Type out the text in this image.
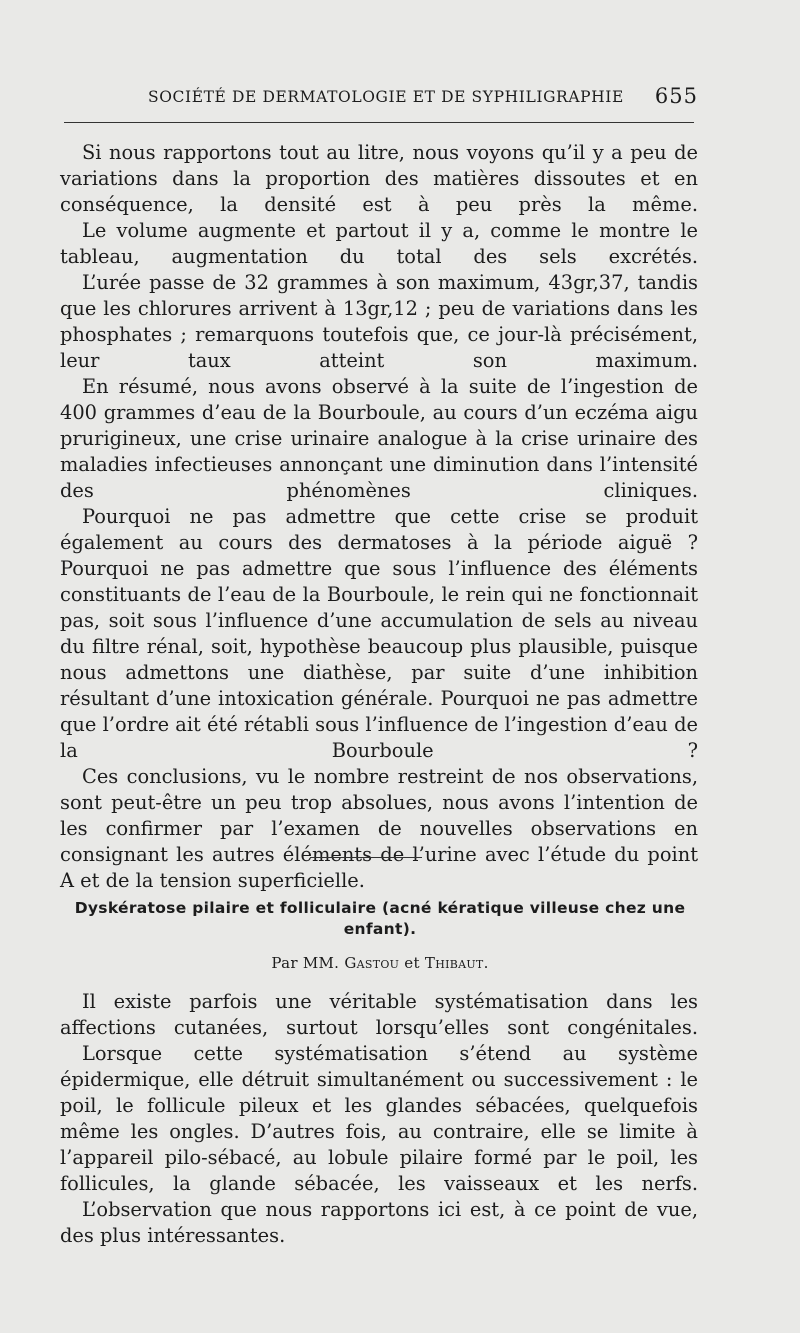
SOCIÉTÉ DE DERMATOLOGIE ET DE SYPHILIGRAPHIE 655

Si nous rapportons tout au litre, nous voyons qu’il y a peu de variations dans la proportion des matières dissoutes et en conséquence, la densité est à peu près la même.

Le volume augmente et partout il y a, comme le montre le tableau, augmentation du total des sels excrétés.

L’urée passe de 32 grammes à son maximum, 43gr,37, tandis que les chlorures arrivent à 13gr,12 ; peu de variations dans les phosphates ; remarquons toutefois que, ce jour-là précisément, leur taux atteint son maximum.

En résumé, nous avons observé à la suite de l’ingestion de 400 grammes d’eau de la Bourboule, au cours d’un eczéma aigu prurigineux, une crise urinaire analogue à la crise urinaire des maladies infectieuses annonçant une diminution dans l’intensité des phénomènes cliniques.

Pourquoi ne pas admettre que cette crise se produit également au cours des dermatoses à la période aiguë ? Pourquoi ne pas admettre que sous l’influence des éléments constituants de l’eau de la Bourboule, le rein qui ne fonctionnait pas, soit sous l’influence d’une accumulation de sels au niveau du filtre rénal, soit, hypothèse beaucoup plus plausible, puisque nous admettons une diathèse, par suite d’une inhibition résultant d’une intoxication générale. Pourquoi ne pas admettre que l’ordre ait été rétabli sous l’influence de l’ingestion d’eau de la Bourboule ?

Ces conclusions, vu le nombre restreint de nos observations, sont peut-être un peu trop absolues, nous avons l’intention de les confirmer par l’examen de nouvelles observations en consignant les autres éléments de l’urine avec l’étude du point A et de la tension superficielle.

Dyskératose pilaire et folliculaire (acné kératique villeuse chez une enfant).
Par MM. Gastou et Thibaut.

Il existe parfois une véritable systématisation dans les affections cutanées, surtout lorsqu’elles sont congénitales.

Lorsque cette systématisation s’étend au système épidermique, elle détruit simultanément ou successivement : le poil, le follicule pileux et les glandes sébacées, quelquefois même les ongles. D’autres fois, au contraire, elle se limite à l’appareil pilo-sébacé, au lobule pilaire formé par le poil, les follicules, la glande sébacée, les vaisseaux et les nerfs.

L’observation que nous rapportons ici est, à ce point de vue, des plus intéressantes.
